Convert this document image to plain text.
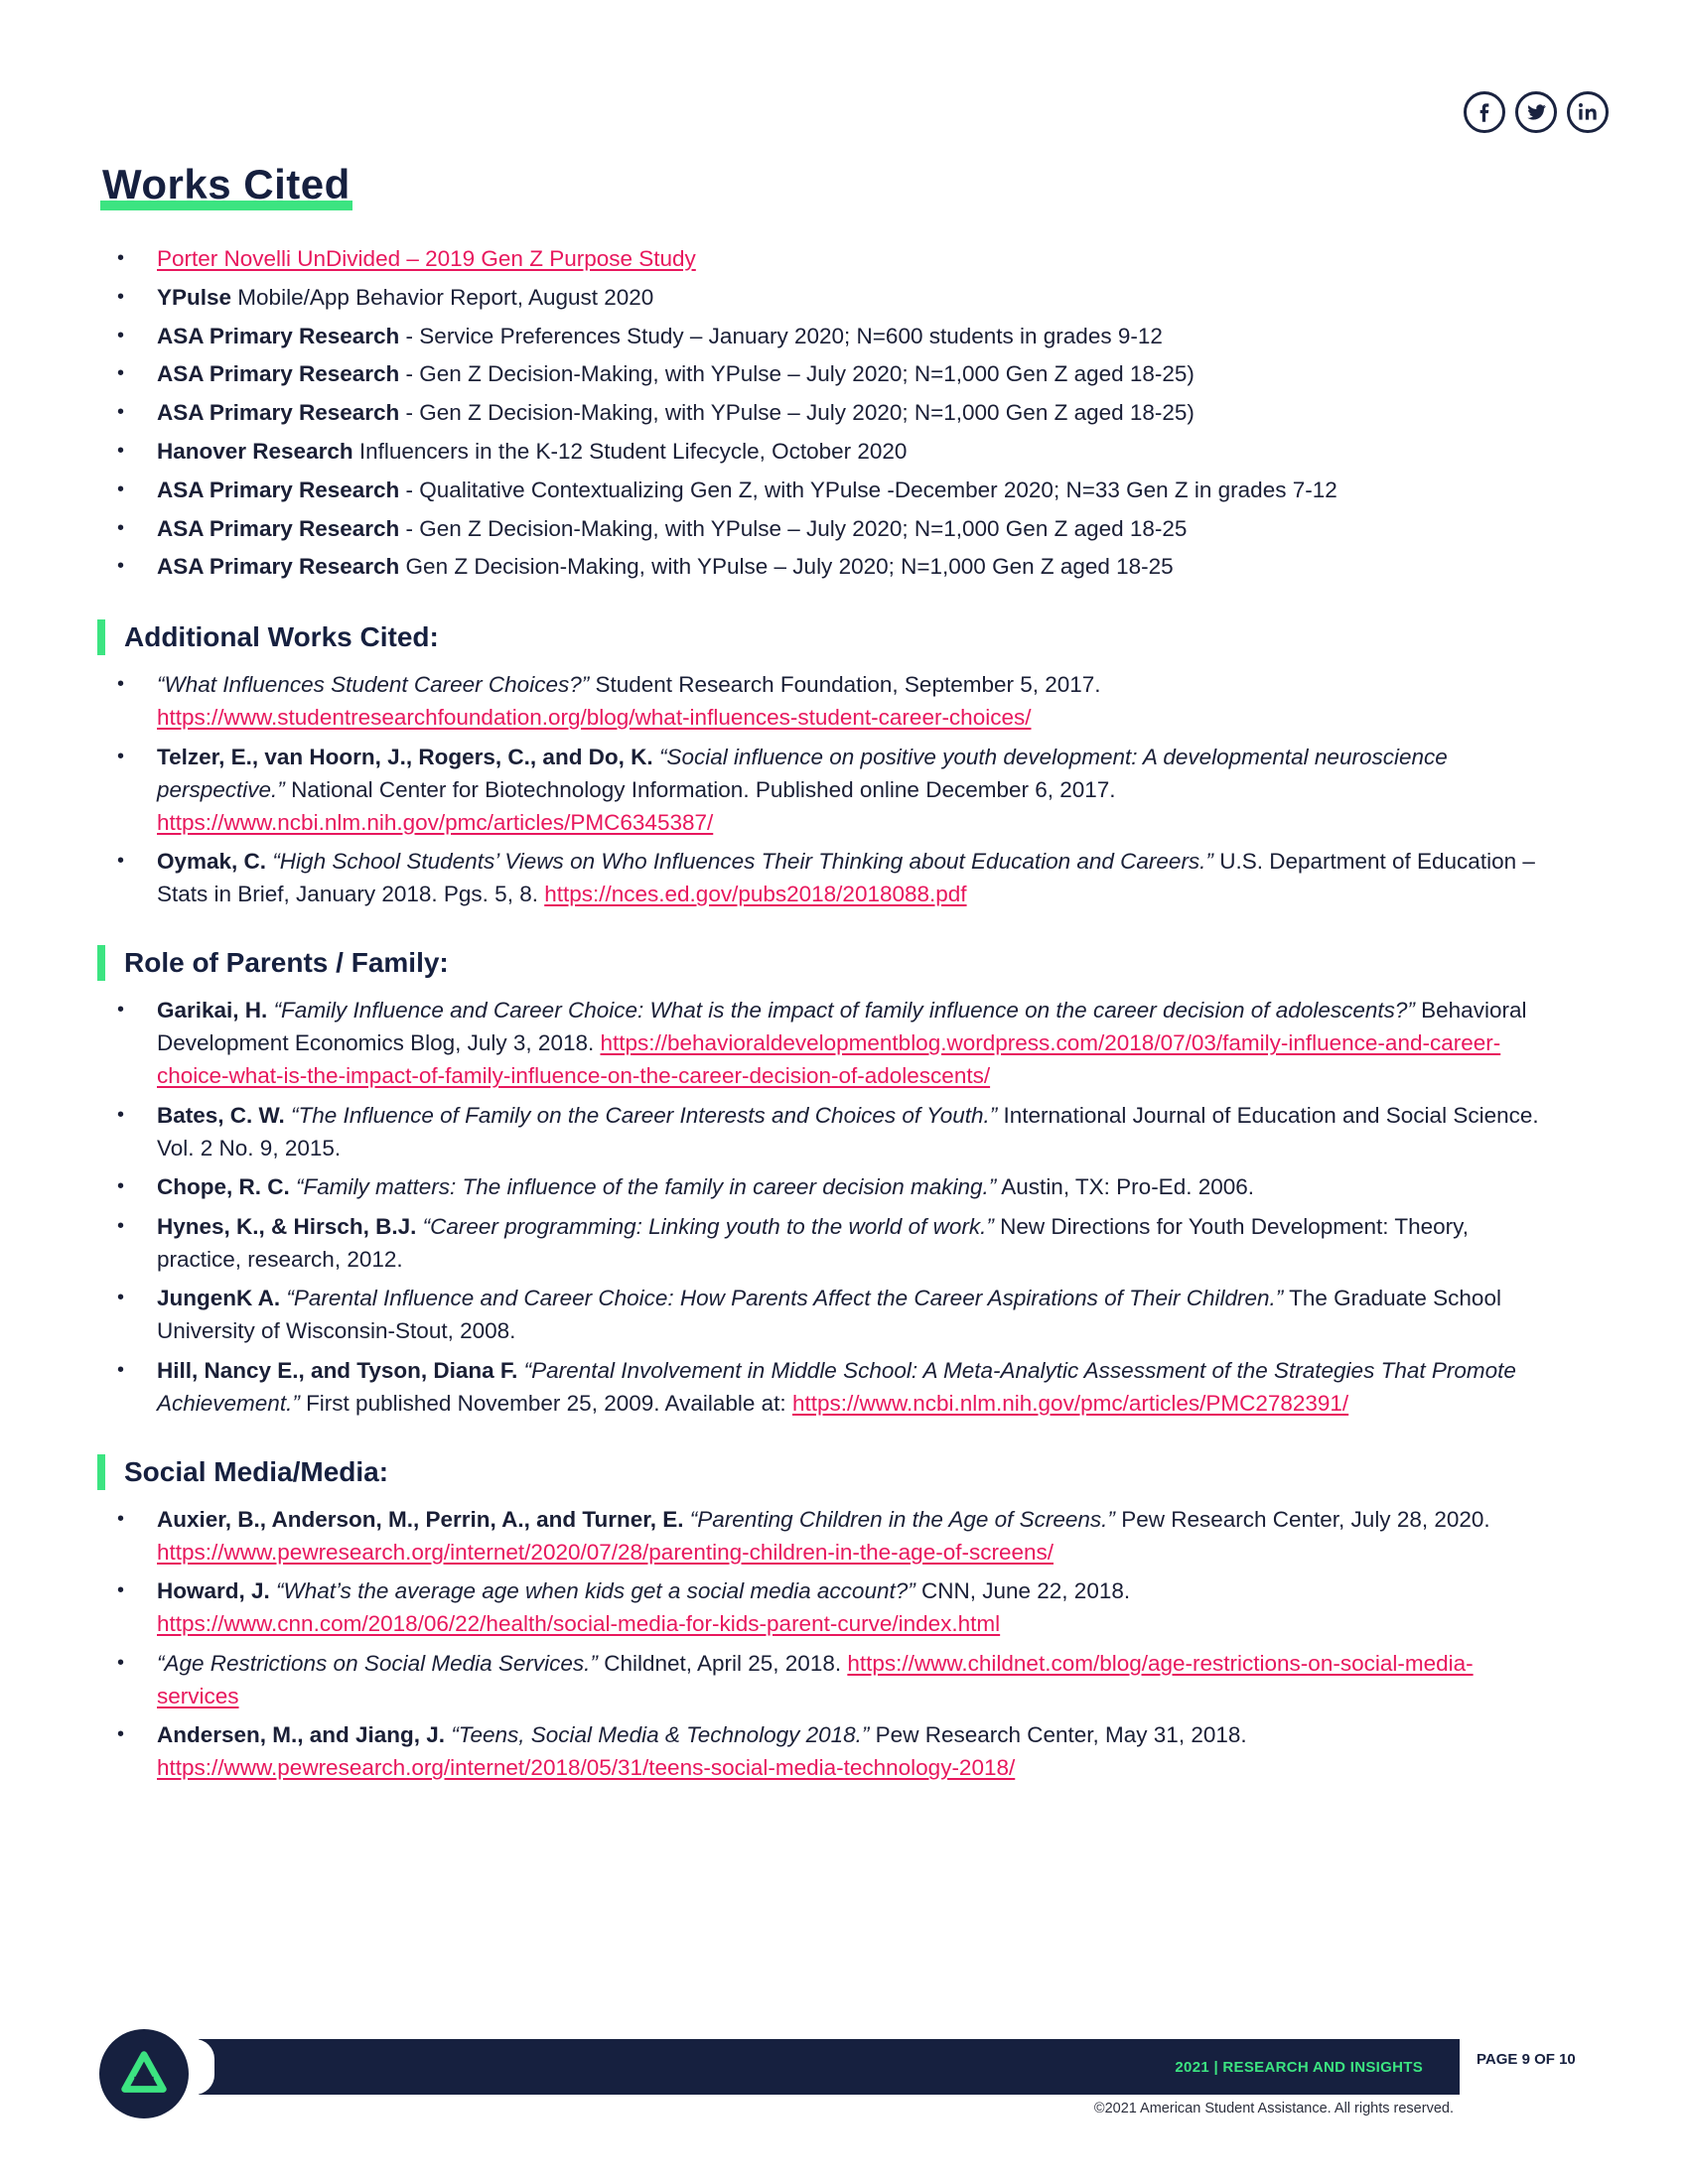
Works Cited
• Porter Novelli UnDivided – 2019 Gen Z Purpose Study
• YPulse Mobile/App Behavior Report, August 2020
• ASA Primary Research - Service Preferences Study – January 2020; N=600 students in grades 9-12
• ASA Primary Research - Gen Z Decision-Making, with YPulse – July 2020; N=1,000 Gen Z aged 18-25)
• ASA Primary Research - Gen Z Decision-Making, with YPulse – July 2020; N=1,000 Gen Z aged 18-25)
• Hanover Research Influencers in the K-12 Student Lifecycle, October 2020
• ASA Primary Research - Qualitative Contextualizing Gen Z, with YPulse -December 2020; N=33 Gen Z in grades 7-12
• ASA Primary Research - Gen Z Decision-Making, with YPulse – July 2020; N=1,000 Gen Z aged 18-25
• ASA Primary Research Gen Z Decision-Making, with YPulse – July 2020; N=1,000 Gen Z aged 18-25
Additional Works Cited:
• “What Influences Student Career Choices?” Student Research Foundation, September 5, 2017. https://www.studentresearchfoundation.org/blog/what-influences-student-career-choices/
• Telzer, E., van Hoorn, J., Rogers, C., and Do, K. “Social influence on positive youth development: A developmental neuroscience perspective.” National Center for Biotechnology Information. Published online December 6, 2017. https://www.ncbi.nlm.nih.gov/pmc/articles/PMC6345387/
• Oymak, C. “High School Students’ Views on Who Influences Their Thinking about Education and Careers.” U.S. Department of Education – Stats in Brief, January 2018. Pgs. 5, 8. https://nces.ed.gov/pubs2018/2018088.pdf
Role of Parents / Family:
• Garikai, H. “Family Influence and Career Choice: What is the impact of family influence on the career decision of adolescents?” Behavioral Development Economics Blog, July 3, 2018. https://behavioraldevelopmentblog.wordpress.com/2018/07/03/family-influence-and-career-choice-what-is-the-impact-of-family-influence-on-the-career-decision-of-adolescents/
• Bates, C. W. “The Influence of Family on the Career Interests and Choices of Youth.” International Journal of Education and Social Science. Vol. 2 No. 9, 2015.
• Chope, R. C. “Family matters: The influence of the family in career decision making.” Austin, TX: Pro-Ed. 2006.
• Hynes, K., & Hirsch, B.J. “Career programming: Linking youth to the world of work.” New Directions for Youth Development: Theory, practice, research, 2012.
• JungenK A. “Parental Influence and Career Choice: How Parents Affect the Career Aspirations of Their Children.” The Graduate School University of Wisconsin-Stout, 2008.
• Hill, Nancy E., and Tyson, Diana F. “Parental Involvement in Middle School: A Meta-Analytic Assessment of the Strategies That Promote Achievement.” First published November 25, 2009. Available at: https://www.ncbi.nlm.nih.gov/pmc/articles/PMC2782391/
Social Media/Media:
• Auxier, B., Anderson, M., Perrin, A., and Turner, E. “Parenting Children in the Age of Screens.” Pew Research Center, July 28, 2020. https://www.pewresearch.org/internet/2020/07/28/parenting-children-in-the-age-of-screens/
• Howard, J. “What’s the average age when kids get a social media account?” CNN, June 22, 2018. https://www.cnn.com/2018/06/22/health/social-media-for-kids-parent-curve/index.html
• “Age Restrictions on Social Media Services.” Childnet, April 25, 2018. https://www.childnet.com/blog/age-restrictions-on-social-media-services
• Andersen, M., and Jiang, J. “Teens, Social Media & Technology 2018.” Pew Research Center, May 31, 2018. https://www.pewresearch.org/internet/2018/05/31/teens-social-media-technology-2018/
2021 | RESEARCH AND INSIGHTS	PAGE 9 OF 10
©2021 American Student Assistance. All rights reserved.
